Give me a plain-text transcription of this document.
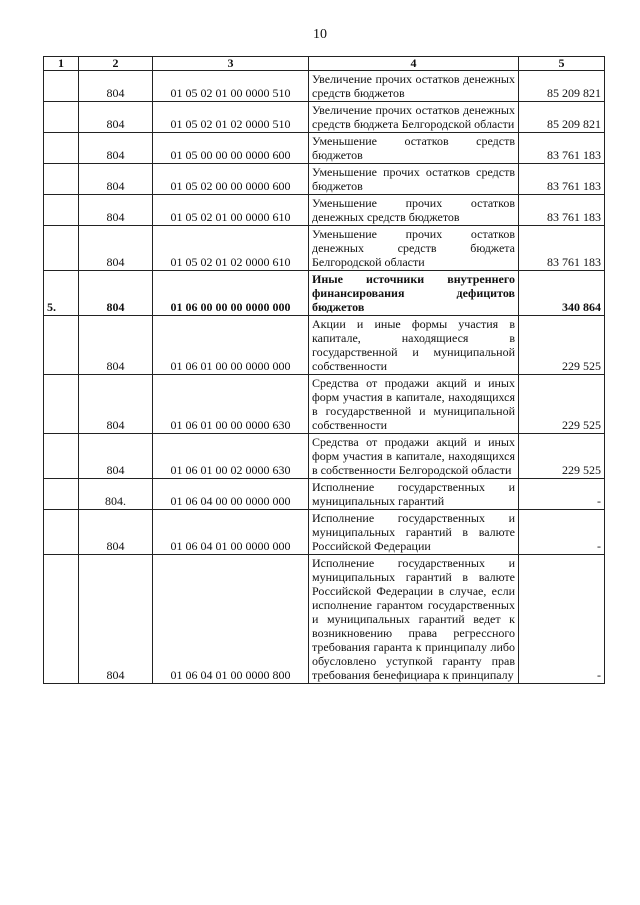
10
1	2	3	4	5
	804	01 05 02 01 00 0000 510	Увеличение прочих остатков денежных средств бюджетов	85 209 821
	804	01 05 02 01 02 0000 510	Увеличение прочих остатков денежных средств бюджета Белгородской области	85 209 821
	804	01 05 00 00 00 0000 600	Уменьшение остатков средств бюджетов	83 761 183
	804	01 05 02 00 00 0000 600	Уменьшение прочих остатков средств бюджетов	83 761 183
	804	01 05 02 01 00 0000 610	Уменьшение прочих остатков денежных средств бюджетов	83 761 183
	804	01 05 02 01 02 0000 610	Уменьшение прочих остатков денежных средств бюджета Белгородской области	83 761 183
5.	804	01 06 00 00 00 0000 000	Иные источники внутреннего финансирования дефицитов бюджетов	340 864
	804	01 06 01 00 00 0000 000	Акции и иные формы участия в капитале, находящиеся в государственной и муниципальной собственности	229 525
	804	01 06 01 00 00 0000 630	Средства от продажи акций и иных форм участия в капитале, находящихся в государственной и муниципальной собственности	229 525
	804	01 06 01 00 02 0000 630	Средства от продажи акций и иных форм участия в капитале, находящихся в собственности Белгородской области	229 525
	804.	01 06 04 00 00 0000 000	Исполнение государственных и муниципальных гарантий	-
	804	01 06 04 01 00 0000 000	Исполнение государственных и муниципальных гарантий в валюте Российской Федерации	-
	804	01 06 04 01 00 0000 800	Исполнение государственных и муниципальных гарантий в валюте Российской Федерации в случае, если исполнение гарантом государственных и муниципальных гарантий ведет к возникновению права регрессного требования гаранта к принципалу либо обусловлено уступкой гаранту прав требования бенефициара к принципалу	-
